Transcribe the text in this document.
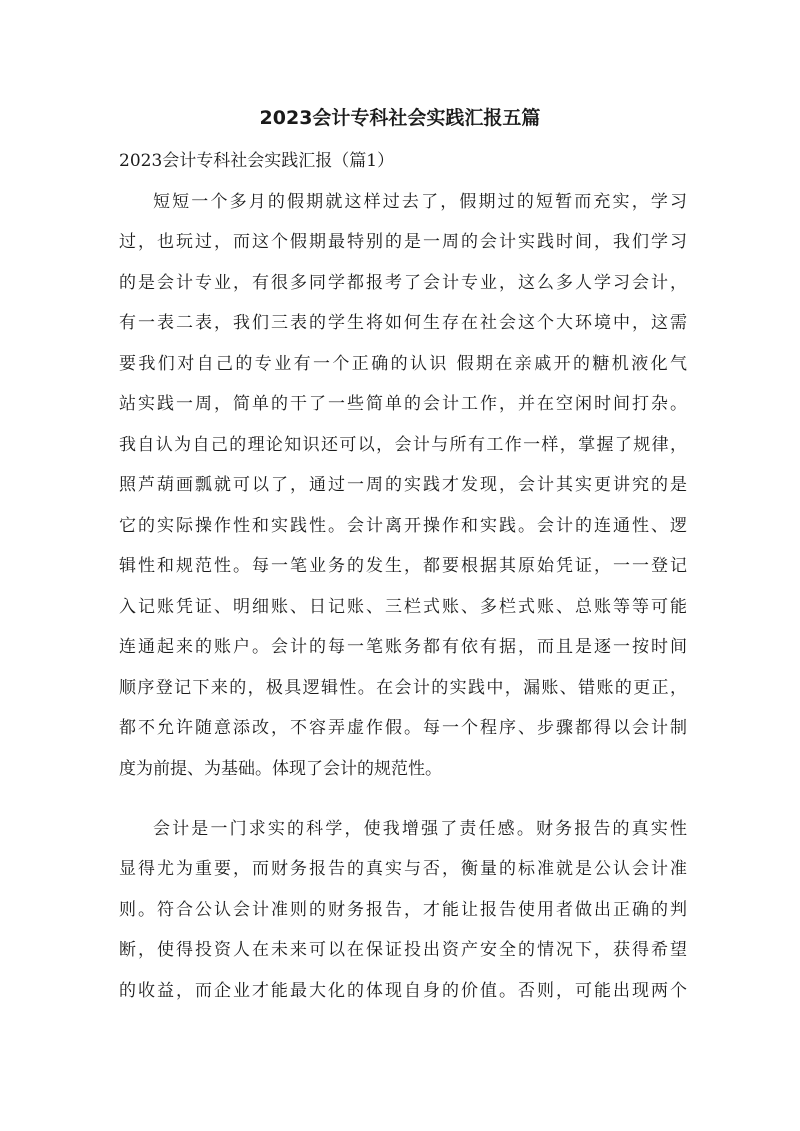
2023会计专科社会实践汇报五篇

2023会计专科社会实践汇报（篇1）

短短一个多月的假期就这样过去了，假期过的短暂而充实，学习
过，也玩过，而这个假期最特别的是一周的会计实践时间，我们学习
的是会计专业，有很多同学都报考了会计专业，这么多人学习会计，
有一表二表，我们三表的学生将如何生存在社会这个大环境中，这需
要我们对自己的专业有一个正确的认识 假期在亲戚开的糖机液化气
站实践一周，简单的干了一些简单的会计工作，并在空闲时间打杂。
我自认为自己的理论知识还可以，会计与所有工作一样，掌握了规律，
照芦葫画瓢就可以了，通过一周的实践才发现，会计其实更讲究的是
它的实际操作性和实践性。会计离开操作和实践。会计的连通性、逻
辑性和规范性。每一笔业务的发生，都要根据其原始凭证，一一登记
入记账凭证、明细账、日记账、三栏式账、多栏式账、总账等等可能
连通起来的账户。会计的每一笔账务都有依有据，而且是逐一按时间
顺序登记下来的，极具逻辑性。在会计的实践中，漏账、错账的更正，
都不允许随意添改，不容弄虚作假。每一个程序、步骤都得以会计制
度为前提、为基础。体现了会计的规范性。
会计是一门求实的科学，使我增强了责任感。财务报告的真实性
显得尤为重要，而财务报告的真实与否，衡量的标准就是公认会计准
则。符合公认会计准则的财务报告，才能让报告使用者做出正确的判
断，使得投资人在未来可以在保证投出资产安全的情况下，获得希望
的收益，而企业才能最大化的体现自身的价值。否则，可能出现两个
